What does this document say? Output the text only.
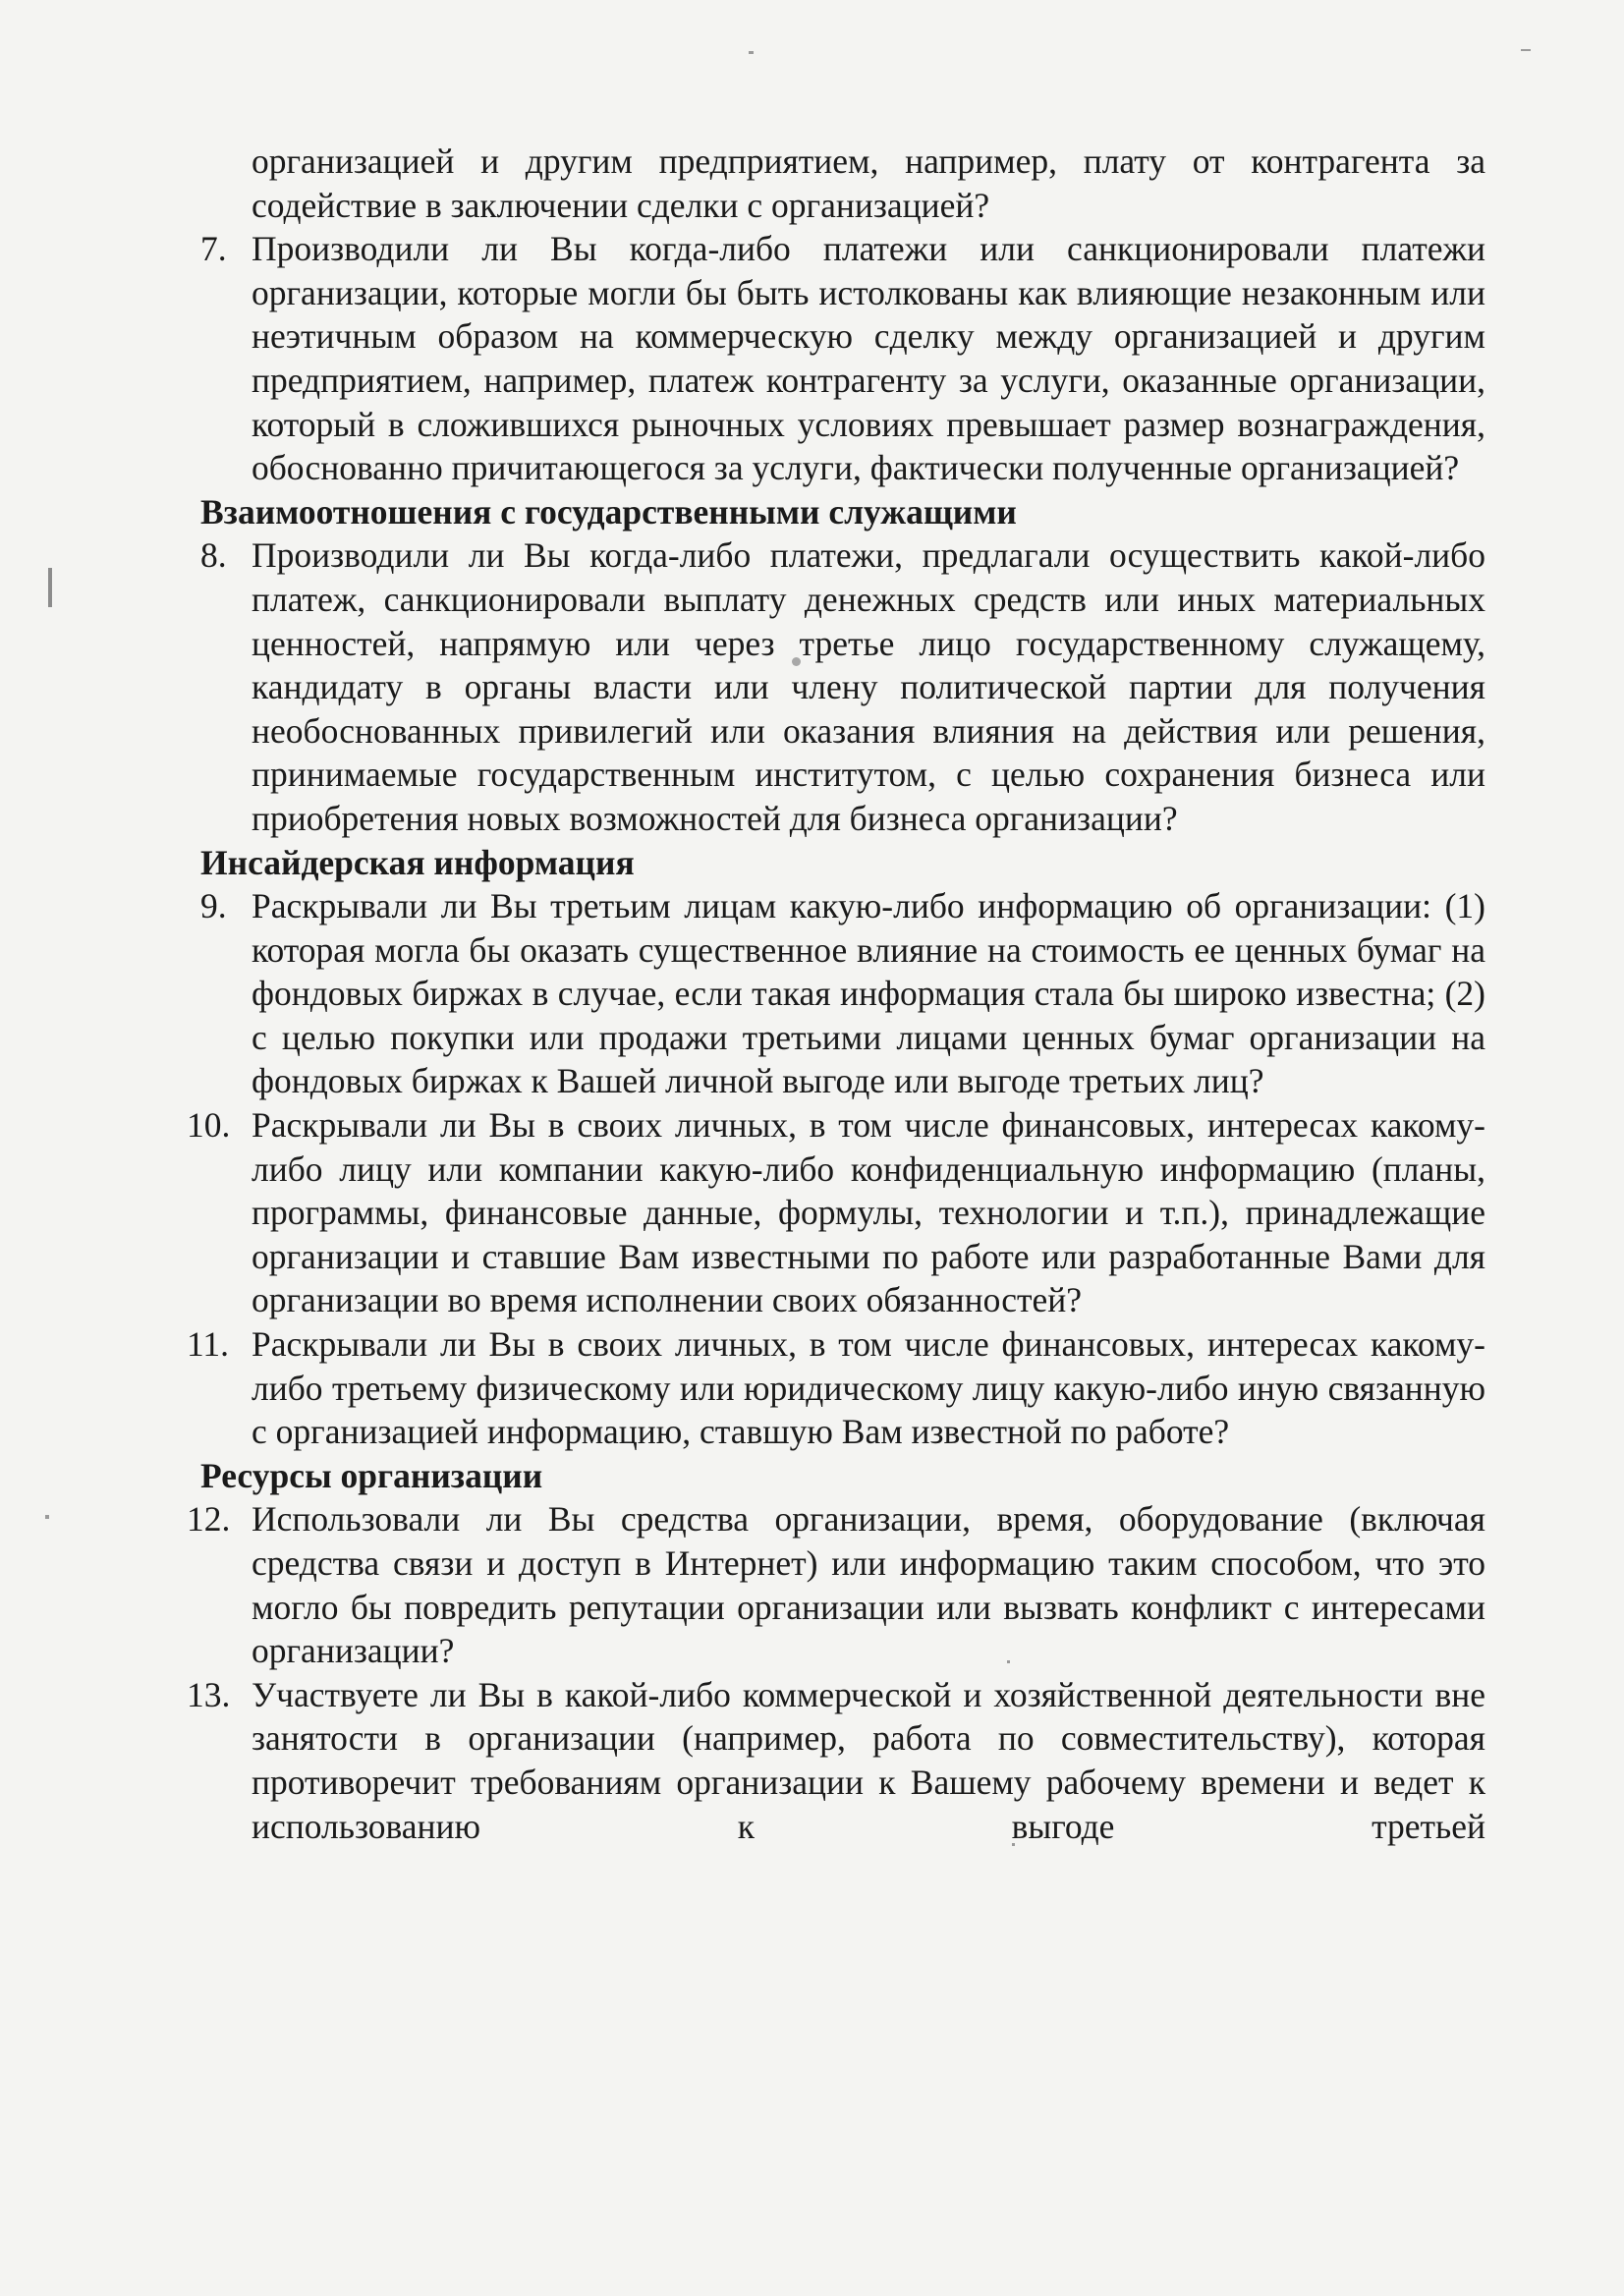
организацией и другим предприятием, например, плату от контрагента за содействие в заключении сделки с организацией?

7. Производили ли Вы когда-либо платежи или санкционировали платежи организации, которые могли бы быть истолкованы как влияющие незаконным или неэтичным образом на коммерческую сделку между организацией и другим предприятием, например, платеж контрагенту за услуги, оказанные организации, который в сложившихся рыночных условиях превышает размер вознаграждения, обоснованно причитающегося за услуги, фактически полученные организацией?
Взаимоотношения с государственными служащими
8. Производили ли Вы когда-либо платежи, предлагали осуществить какой-либо платеж, санкционировали выплату денежных средств или иных материальных ценностей, напрямую или через третье лицо государственному служащему, кандидату в органы власти или члену политической партии для получения необоснованных привилегий или оказания влияния на действия или решения, принимаемые государственным институтом, с целью сохранения бизнеса или приобретения новых возможностей для бизнеса организации?
Инсайдерская информация
9. Раскрывали ли Вы третьим лицам какую-либо информацию об организации: (1) которая могла бы оказать существенное влияние на стоимость ее ценных бумаг на фондовых биржах в случае, если такая информация стала бы широко известна; (2) с целью покупки или продажи третьими лицами ценных бумаг организации на фондовых биржах к Вашей личной выгоде или выгоде третьих лиц?
10. Раскрывали ли Вы в своих личных, в том числе финансовых, интересах какому-либо лицу или компании какую-либо конфиденциальную информацию (планы, программы, финансовые данные, формулы, технологии и т.п.), принадлежащие организации и ставшие Вам известными по работе или разработанные Вами для организации во время исполнении своих обязанностей?
11. Раскрывали ли Вы в своих личных, в том числе финансовых, интересах какому-либо третьему физическому или юридическому лицу какую-либо иную связанную с организацией информацию, ставшую Вам известной по работе?
Ресурсы организации
12. Использовали ли Вы средства организации, время, оборудование (включая средства связи и доступ в Интернет) или информацию таким способом, что это могло бы повредить репутации организации или вызвать конфликт с интересами организации?
13. Участвуете ли Вы в какой-либо коммерческой и хозяйственной деятельности вне занятости в организации (например, работа по совместительству), которая противоречит требованиям организации к Вашему рабочему времени и ведет к использованию к выгоде третьей
